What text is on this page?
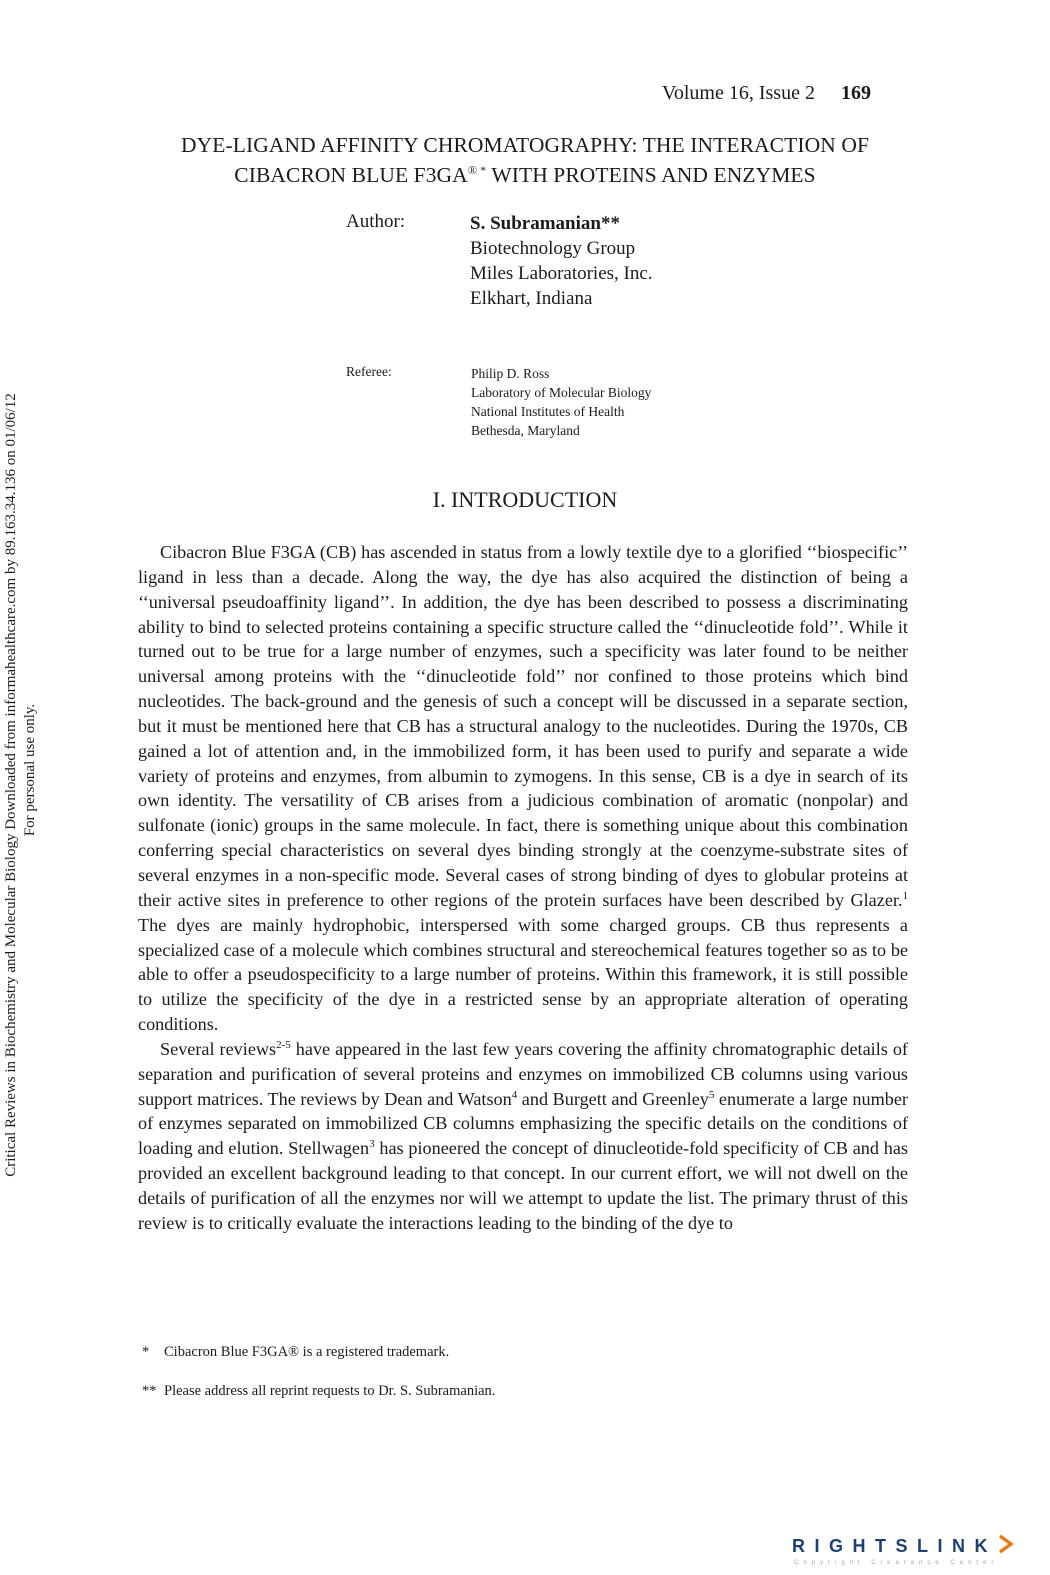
Volume 16, Issue 2 169
DYE-LIGAND AFFINITY CHROMATOGRAPHY: THE INTERACTION OF
CIBACRON BLUE F3GA® * WITH PROTEINS AND ENZYMES
Author:	S. Subramanian**
Biotechnology Group
Miles Laboratories, Inc.
Elkhart, Indiana
Referee:	Philip D. Ross
Laboratory of Molecular Biology
National Institutes of Health
Bethesda, Maryland
I. INTRODUCTION

Cibacron Blue F3GA (CB) has ascended in status from a lowly textile dye to a glorified ‘‘biospecific’’ ligand in less than a decade. Along the way, the dye has also acquired the distinction of being a ‘‘universal pseudoaffinity ligand’’. In addition, the dye has been described to possess a discriminating ability to bind to selected proteins containing a specific structure called the ‘‘dinucleotide fold’’. While it turned out to be true for a large number of enzymes, such a specificity was later found to be neither universal among proteins with the ‘‘dinucleotide fold’’ nor confined to those proteins which bind nucleotides. The back-ground and the genesis of such a concept will be discussed in a separate section, but it must be mentioned here that CB has a structural analogy to the nucleotides. During the 1970s, CB gained a lot of attention and, in the immobilized form, it has been used to purify and separate a wide variety of proteins and enzymes, from albumin to zymogens. In this sense, CB is a dye in search of its own identity. The versatility of CB arises from a judicious combination of aromatic (nonpolar) and sulfonate (ionic) groups in the same molecule. In fact, there is something unique about this combination conferring special characteristics on several dyes binding strongly at the coenzyme-substrate sites of several enzymes in a non-specific mode. Several cases of strong binding of dyes to globular proteins at their active sites in preference to other regions of the protein surfaces have been described by Glazer.$^1$ The dyes are mainly hydrophobic, interspersed with some charged groups. CB thus represents a specialized case of a molecule which combines structural and stereochemical features together so as to be able to offer a pseudospecificity to a large number of proteins. Within this framework, it is still possible to utilize the specificity of the dye in a restricted sense by an appropriate alteration of operating conditions.

Several reviews$^{2-5}$ have appeared in the last few years covering the affinity chromatographic details of separation and purification of several proteins and enzymes on immobilized CB columns using various support matrices. The reviews by Dean and Watson$^4$ and Burgett and Greenley$^5$ enumerate a large number of enzymes separated on immobilized CB columns emphasizing the specific details on the conditions of loading and elution. Stellwagen$^3$ has pioneered the concept of dinucleotide-fold specificity of CB and has provided an excellent background leading to that concept. In our current effort, we will not dwell on the details of purification of all the enzymes nor will we attempt to update the list. The primary thrust of this review is to critically evaluate the interactions leading to the binding of the dye to

* Cibacron Blue F3GA® is a registered trademark.
** Please address all reprint requests to Dr. S. Subramanian.
Critical Reviews in Biochemistry and Molecular Biology Downloaded from informahealthcare.com by 89.163.34.136 on 01/06/12 For personal use only.
RIGHTSLINK
Copyright Clearance Center
